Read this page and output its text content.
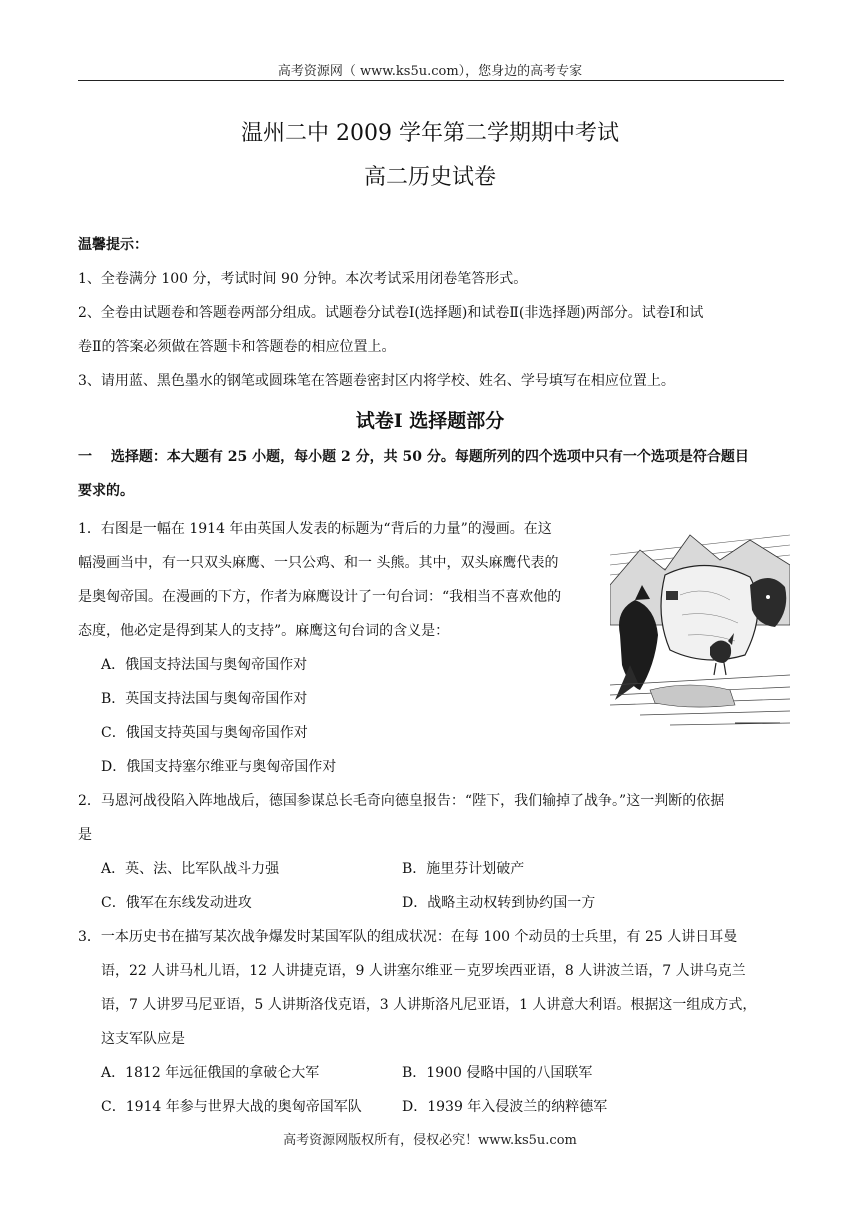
高考资源网（ www.ks5u.com），您身边的高考专家
温州二中 2009 学年第二学期期中考试
高二历史试卷
温馨提示：
1、全卷满分 100 分，考试时间 90 分钟。本次考试采用闭卷笔答形式。
2、全卷由试题卷和答题卷两部分组成。试题卷分试卷Ⅰ(选择题)和试卷Ⅱ(非选择题)两部分。试卷Ⅰ和试
卷Ⅱ的答案必须做在答题卡和答题卷的相应位置上。
3、请用蓝、黑色墨水的钢笔或圆珠笔在答题卷密封区内将学校、姓名、学号填写在相应位置上。
试卷Ⅰ 选择题部分
一　 选择题：本大题有 25 小题，每小题 2 分，共 50 分。每题所列的四个选项中只有一个选项是符合题目
要求的。
1．右图是一幅在 1914 年由英国人发表的标题为“背后的力量”的漫画。在这
幅漫画当中，有一只双头麻鹰、一只公鸡、和一 头熊。其中，双头麻鹰代表的
是奥匈帝国。在漫画的下方，作者为麻鹰设计了一句台词：“我相当不喜欢他的
态度，他必定是得到某人的支持”。麻鹰这句台词的含义是：
A．俄国支持法国与奥匈帝国作对
B．英国支持法国与奥匈帝国作对
C．俄国支持英国与奥匈帝国作对
D．俄国支持塞尔维亚与奥匈帝国作对
2．马恩河战役陷入阵地战后，德国参谋总长毛奇向德皇报告：“陛下，我们输掉了战争。”这一判断的依据
是
A．英、法、比军队战斗力强	B．施里芬计划破产
C．俄军在东线发动进攻	D．战略主动权转到协约国一方
3．一本历史书在描写某次战争爆发时某国军队的组成状况：在每 100 个动员的士兵里，有 25 人讲日耳曼
语，22 人讲马札儿语，12 人讲捷克语，9 人讲塞尔维亚－克罗埃西亚语，8 人讲波兰语，7 人讲乌克兰
语，7 人讲罗马尼亚语，5 人讲斯洛伐克语，3 人讲斯洛凡尼亚语，1 人讲意大利语。根据这一组成方式，
这支军队应是
A．1812 年远征俄国的拿破仑大军	B．1900 侵略中国的八国联军
C．1914 年参与世界大战的奥匈帝国军队	D．1939 年入侵波兰的纳粹德军
高考资源网版权所有，侵权必究！www.ks5u.com
